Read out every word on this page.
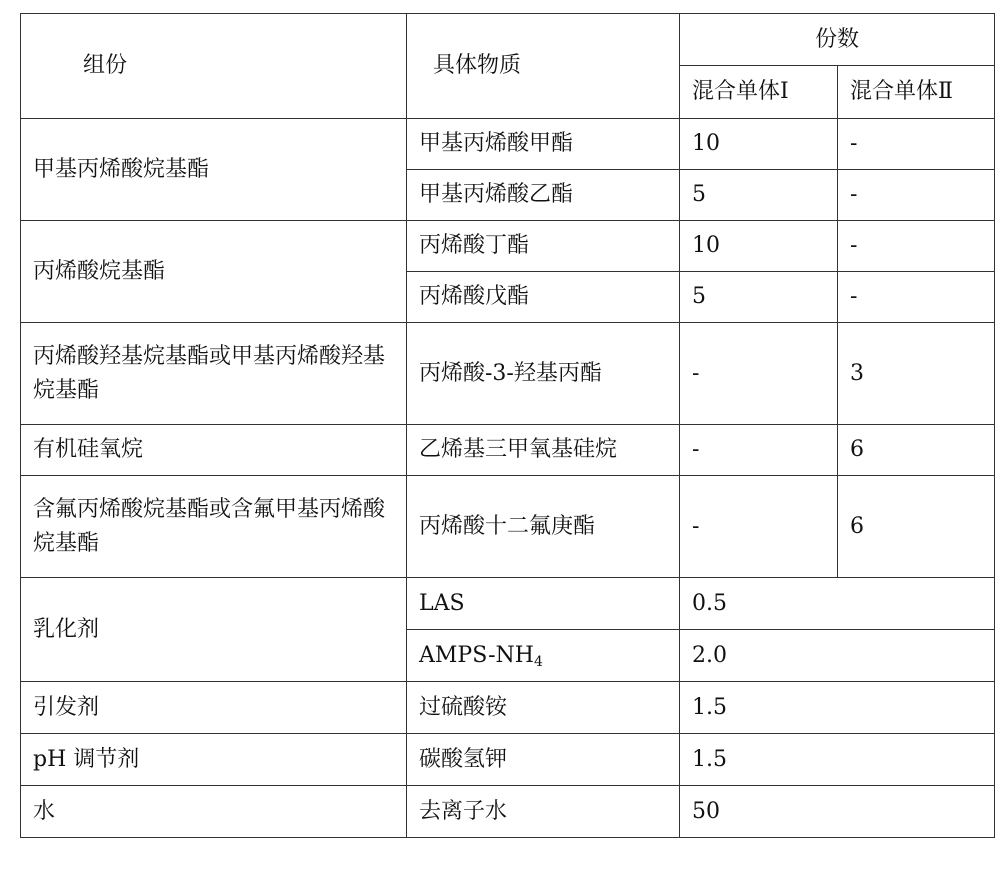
组份	具体物质	份数	
		混合单体Ⅰ	混合单体Ⅱ
甲基丙烯酸烷基酯	甲基丙烯酸甲酯	10	-
	甲基丙烯酸乙酯	5	-
丙烯酸烷基酯	丙烯酸丁酯	10	-
	丙烯酸戊酯	5	-
丙烯酸羟基烷基酯或甲基丙烯酸羟基烷基酯	丙烯酸-3-羟基丙酯	-	3
有机硅氧烷	乙烯基三甲氧基硅烷	-	6
含氟丙烯酸烷基酯或含氟甲基丙烯酸烷基酯	丙烯酸十二氟庚酯	-	6
乳化剂	LAS	0.5	
	AMPS-$NH_4$	2.0	
引发剂	过硫酸铵	1.5	
pH 调节剂	碳酸氢钾	1.5	
水	去离子水	50	
